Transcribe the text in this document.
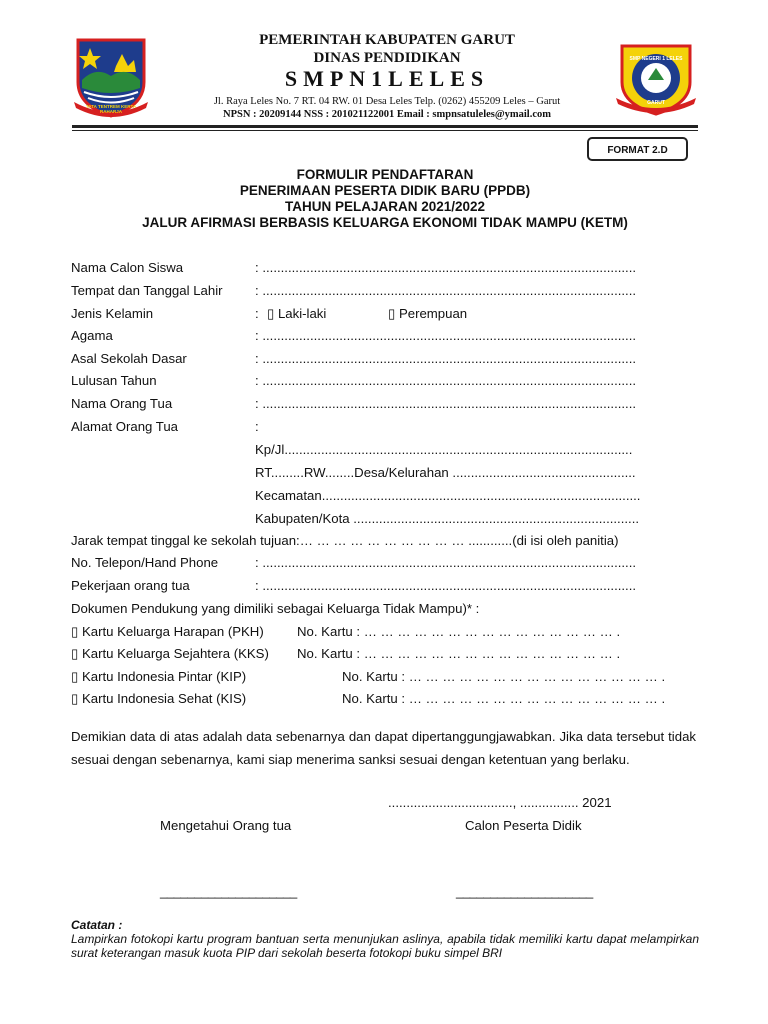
TATA TENTREM KERTA RAHARJA
SMP NEGERI 1 LELES
GARUT
PEMERINTAH KABUPATEN GARUT
DINAS PENDIDIKAN
SMPN1LELES
Jl. Raya Leles No. 7 RT. 04 RW. 01 Desa Leles Telp. (0262) 455209 Leles – Garut
NPSN : 20209144 NSS : 201021122001 Email : smpnsatuleles@ymail.com
FORMAT 2.D
FORMULIR PENDAFTARAN
PENERIMAAN PESERTA DIDIK BARU (PPDB)
TAHUN PELAJARAN 2021/2022
JALUR AFIRMASI BERBASIS KELUARGA EKONOMI TIDAK MAMPU (KETM)
Nama Calon Siswa	: ......................................................................................................
Tempat dan Tanggal Lahir : ......................................................................................................
Jenis Kelamin	: ▯ Laki-laki	▯ Perempuan
Agama	: ......................................................................................................
Asal Sekolah Dasar	: ......................................................................................................
Lulusan Tahun	: ......................................................................................................
Nama Orang Tua	: ......................................................................................................
Alamat Orang Tua	:
Kp/Jl...............................................................................................
RT.........RW........Desa/Kelurahan ..................................................
Kecamatan.......................................................................................
Kabupaten/Kota ..............................................................................
Jarak tempat tinggal ke sekolah tujuan:… … … … … … … … … … ............(di isi oleh panitia)
No. Telepon/Hand Phone	: ......................................................................................................
Pekerjaan orang tua	: ......................................................................................................
Dokumen Pendukung yang dimiliki sebagai Keluarga Tidak Mampu)* :
▯ Kartu Keluarga Harapan (PKH)	No. Kartu : … … … … … … … … … … … … … … … .
▯ Kartu Keluarga Sejahtera (KKS) No. Kartu : … … … … … … … … … … … … … … … .
▯ Kartu Indonesia Pintar (KIP)	No. Kartu : … … … … … … … … … … … … … … … .
▯ Kartu Indonesia Sehat (KIS)	No. Kartu : … … … … … … … … … … … … … … … .
Demikian data di atas adalah data sebenarnya dan dapat dipertanggungjawabkan. Jika data tersebut tidak sesuai dengan sebenarnya, kami siap menerima sanksi sesuai dengan ketentuan yang berlaku.
.................................., ................ 2021
Mengetahui Orang tua	Calon Peserta Didik
____________________	____________________
Catatan :
Lampirkan fotokopi kartu program bantuan serta menunjukan aslinya, apabila tidak memiliki kartu dapat melampirkan surat keterangan masuk kuota PIP dari sekolah beserta fotokopi buku simpel BRI
